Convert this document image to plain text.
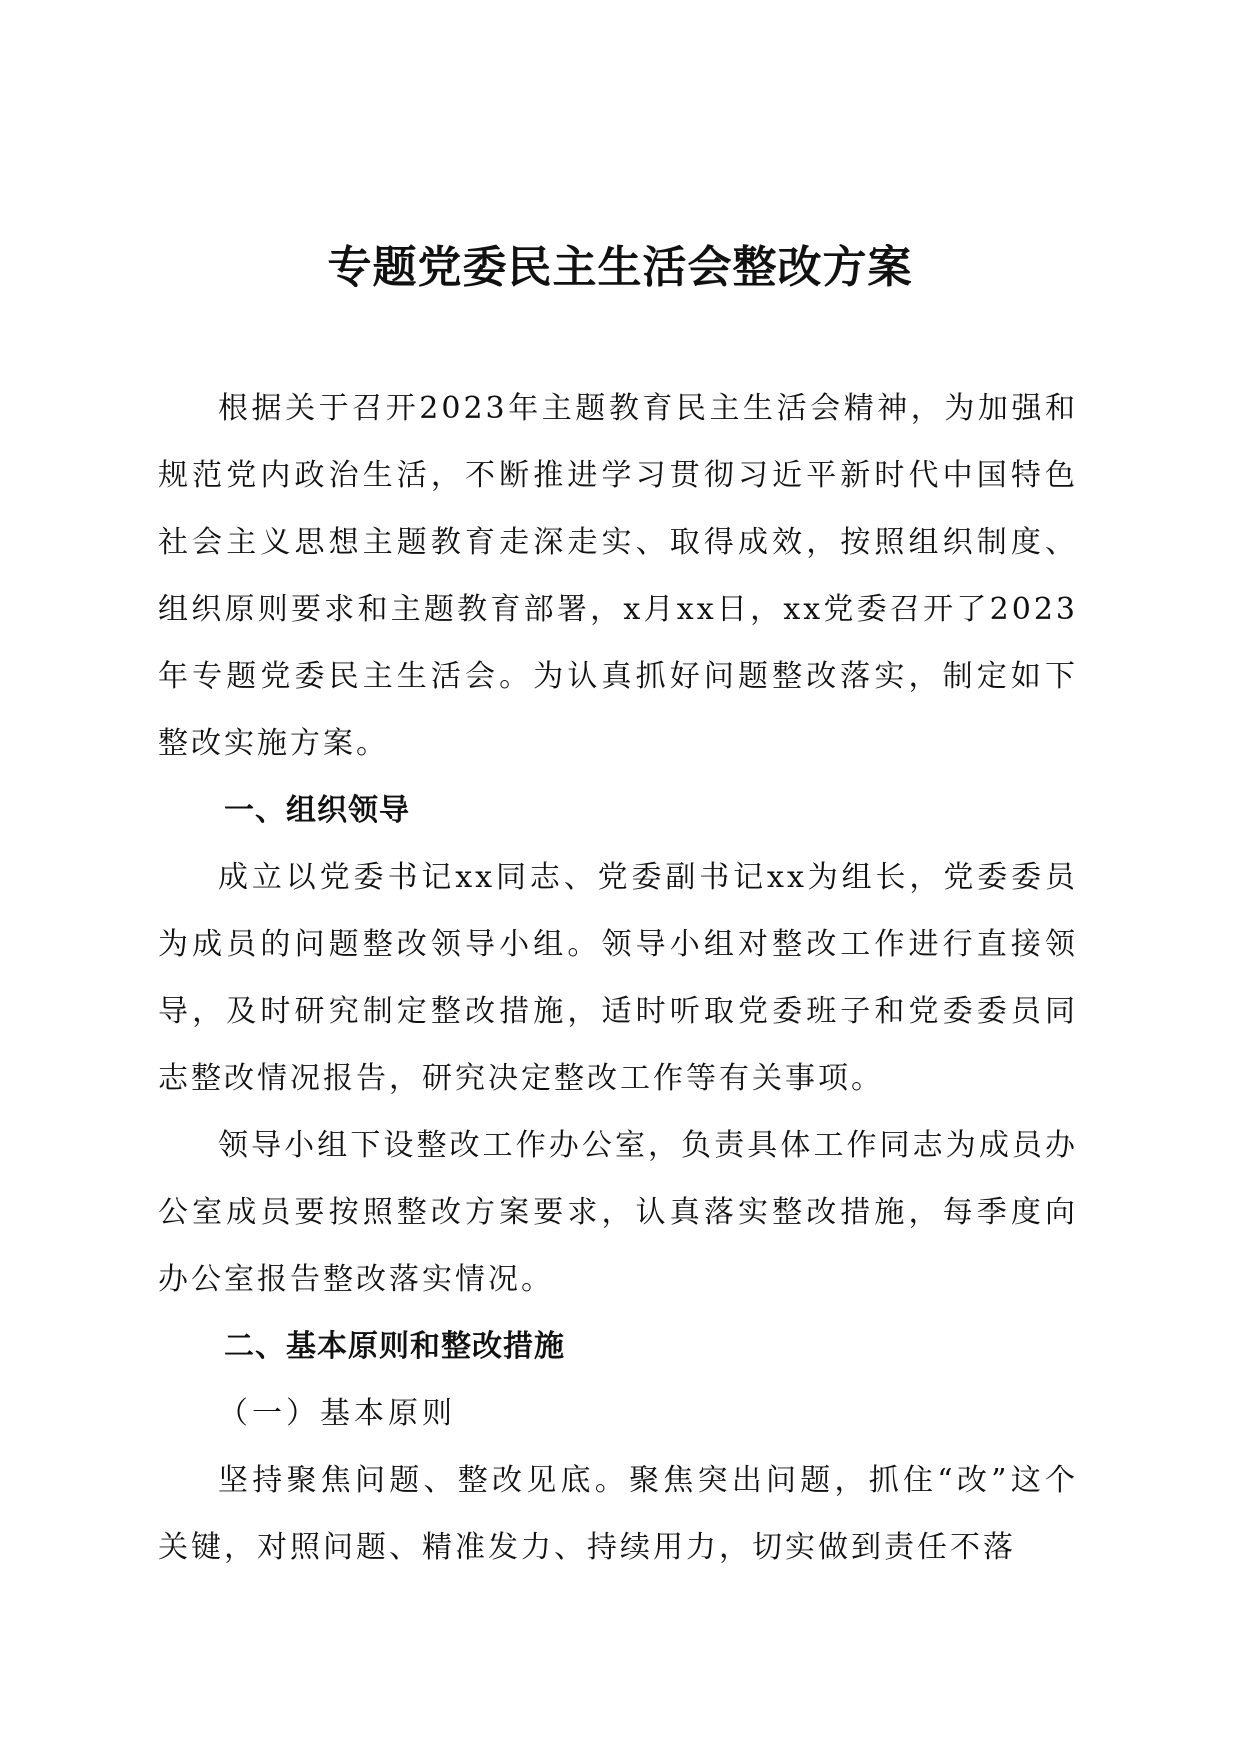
专题党委民主生活会整改方案

根据关于召开2023年主题教育民主生活会精神，为加强和规范党内政治生活，不断推进学习贯彻习近平新时代中国特色社会主义思想主题教育走深走实、取得成效，按照组织制度、组织原则要求和主题教育部署，x月xx日，xx党委召开了2023年专题党委民主生活会。为认真抓好问题整改落实，制定如下整改实施方案。

一、组织领导

成立以党委书记xx同志、党委副书记xx为组长，党委委员为成员的问题整改领导小组。领导小组对整改工作进行直接领导，及时研究制定整改措施，适时听取党委班子和党委委员同志整改情况报告，研究决定整改工作等有关事项。

领导小组下设整改工作办公室，负责具体工作同志为成员办公室成员要按照整改方案要求，认真落实整改措施，每季度向办公室报告整改落实情况。

二、基本原则和整改措施

（一）基本原则

坚持聚焦问题、整改见底。聚焦突出问题，抓住“改”这个关键，对照问题、精准发力、持续用力，切实做到责任不落
